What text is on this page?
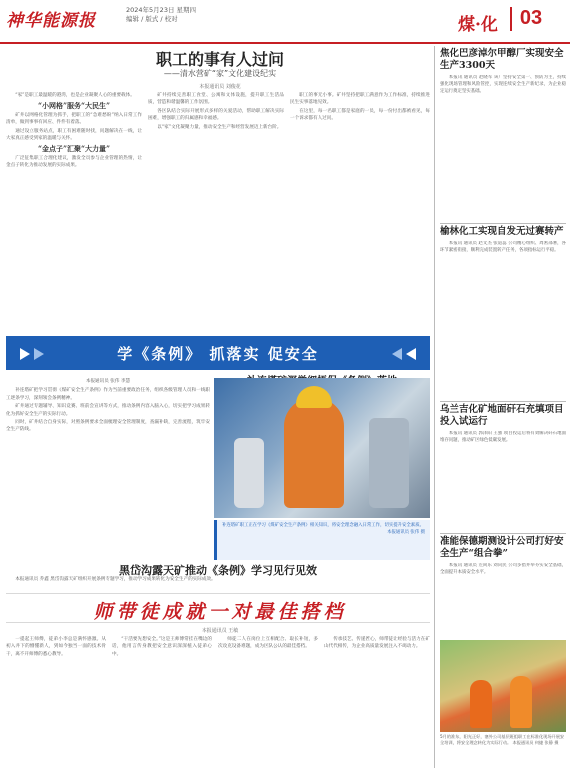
神华能源报
2024年5月23日 星期四
编辑 / 版式 / 校对	煤·化	03
职工的事有人过问
——清水营矿“家”文化建设纪实
本报通讯员 刘俊花

“家”是职工最温暖的港湾，也是企业凝聚人心的重要载体。

“小网格”服务“大民生”

矿井以网格化管理为抓手，把职工的“急难愁盼”纳入日常工作清单，做到事事有回应、件件有着落。

通过设立服务站点，职工有困难随时找，问题解决在一线，让大家真正感受到家的温暖与关怀。

“金点子”汇聚“大力量”

广泛征集职工合理化建议，激发全员参与企业管理的热情，让金点子转化为推动发展的实际成果。

矿井持续完善职工食堂、公寓和文体设施，提升职工生活品质，营造和谐温馨的工作氛围。

各区队结合实际开展形式多样的关爱活动，帮助职工解决实际困难，增强职工的归属感和幸福感。

以“家”文化凝聚力量，推动安全生产和经营发展迈上新台阶。

职工的事无小事。矿井坚持把职工满意作为工作标准，持续推进民生实事落地见效。

在这里，每一名职工都是家庭的一员，每一份付出都被看见，每一个诉求都有人过问。

学《条例》 抓落实 促安全
本报通讯员 张伟 李慧

补连塔矿把学习贯彻《煤矿安全生产条例》作为当前重要政治任务，组织各级管理人员和一线职工逐条学习，深刻领会条例精神。

矿井通过专题辅导、知识竞赛、班前会宣讲等方式，推动条例内容入脑入心，切实把学习成果转化为抓好安全生产的实际行动。

同时，矿井结合自身实际，对照条例要求全面梳理安全管理制度，查漏补缺，完善流程，筑牢安全生产防线。

补连塔矿职工正在学习《煤矿安全生产条例》相关知识，将安全理念融入日常工作，切实提升安全素质。
本报通讯员 张伟 摄
黑岱沟露天矿推动《条例》学习见行见效

本报通讯员 乔鑫 黑岱沟露天矿组织开展条例专题学习，推动学习成果转化为安全生产的实际成效。

师带徒成就一对最佳搭档
本报通讯员 王敏

一提起王师傅，徒弟小李总是满怀感激。从初入井下的懵懂新人，到如今独当一面的技术骨干，离不开师傅的悉心教导。

“干活要先想安全。”这是王师傅常挂在嘴边的话，他用言传身教把安全意识深深植入徒弟心中。

师徒二人在岗位上互相配合、取长补短，多次攻克设备难题，成为区队公认的最佳搭档。

传承技艺、传递匠心，师带徒让经验与活力在矿山代代相传，为企业高质量发展注入不竭动力。

焦化巴彦淖尔甲醇厂实现安全生产3300天
本报讯 通讯员 赵晓军 该厂坚持安全第一、预防为主，持续强化现场管理和风险管控，实现连续安全生产新纪录，为企业稳定运行奠定坚实基础。
榆林化工实现自发无过赛转产
本报讯 通讯员 赵文杰 张道蕊 公司精心组织、周密部署，各环节紧密衔接，顺利完成装置转产任务，各项指标运行平稳。
乌兰吉化矿地面矸石充填项目投入试运行
本报讯 通讯员 郭泽阳 王强 项目投运后将有效解决矸石地面堆存问题，推动矿区绿色低碳发展。
准能保德期测设计公司打好安全生产“组合拳”
本报讯 通讯员 左尚乐 刘向民 公司多措并举夯实安全基础，全面提升本质安全水平。
5月的准东，阳光正好，塞外公司基层班组职工在标准化现场开展安全培训，将安全理念转化为实际行动。 本报通讯员 何捷 张静 摄
